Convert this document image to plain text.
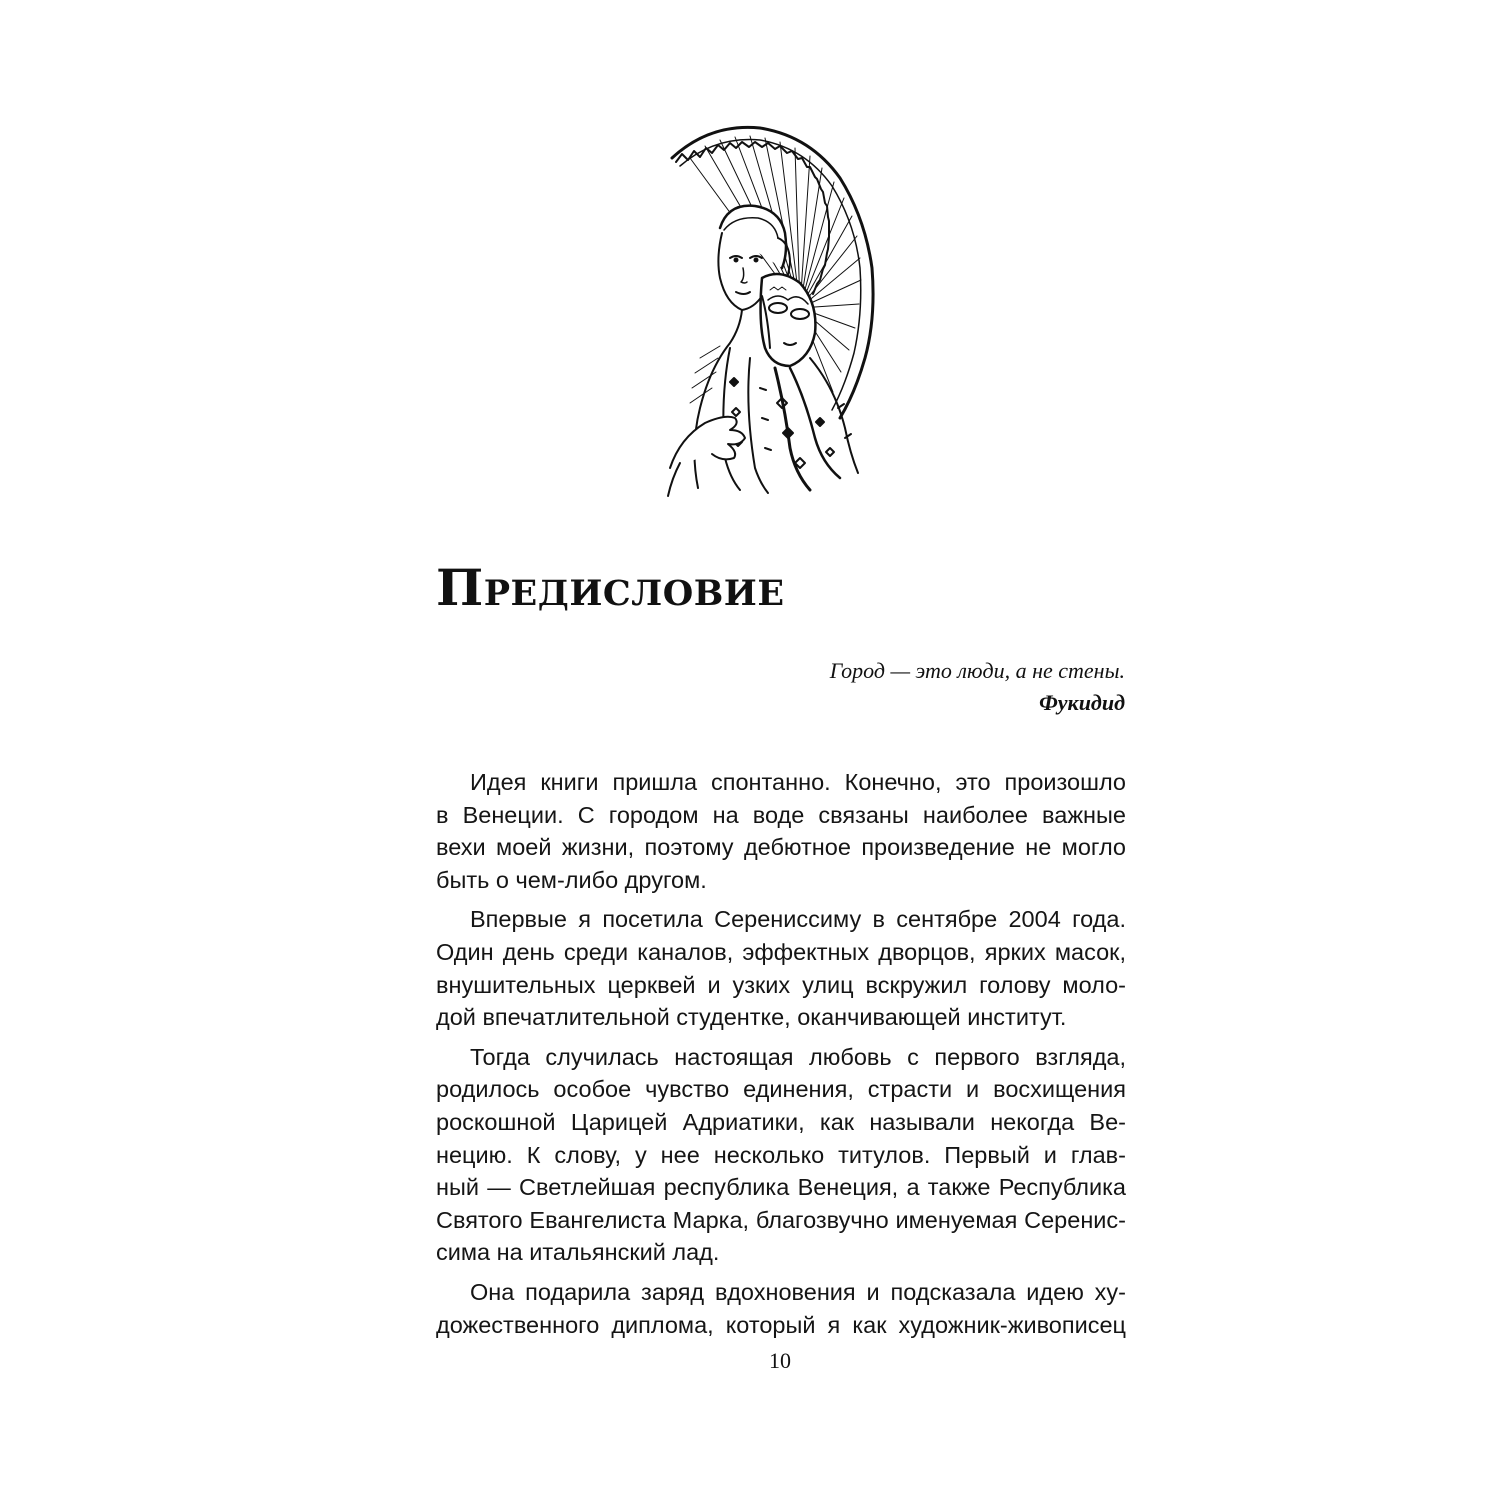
Предисловие
Город — это люди, а не стены.
Фукидид

Идея книги пришла спонтанно. Конечно, это произошло
в Венеции. С городом на воде связаны наиболее важные
вехи моей жизни, поэтому дебютное произведение не могло
быть о чем-либо другом.

Впервые я посетила Серениссиму в сентябре 2004 года.
Один день среди каналов, эффектных дворцов, ярких масок,
внушительных церквей и узких улиц вскружил голову моло-
дой впечатлительной студентке, оканчивающей институт.

Тогда случилась настоящая любовь с первого взгляда,
родилось особое чувство единения, страсти и восхищения
роскошной Царицей Адриатики, как называли некогда Ве-
нецию. К слову, у нее несколько титулов. Первый и глав-
ный — Светлейшая республика Венеция, а также Республика
Святого Евангелиста Марка, благозвучно именуемая Серенис-
сима на итальянский лад.

Она подарила заряд вдохновения и подсказала идею ху-
дожественного диплома, который я как художник-живописец

10
